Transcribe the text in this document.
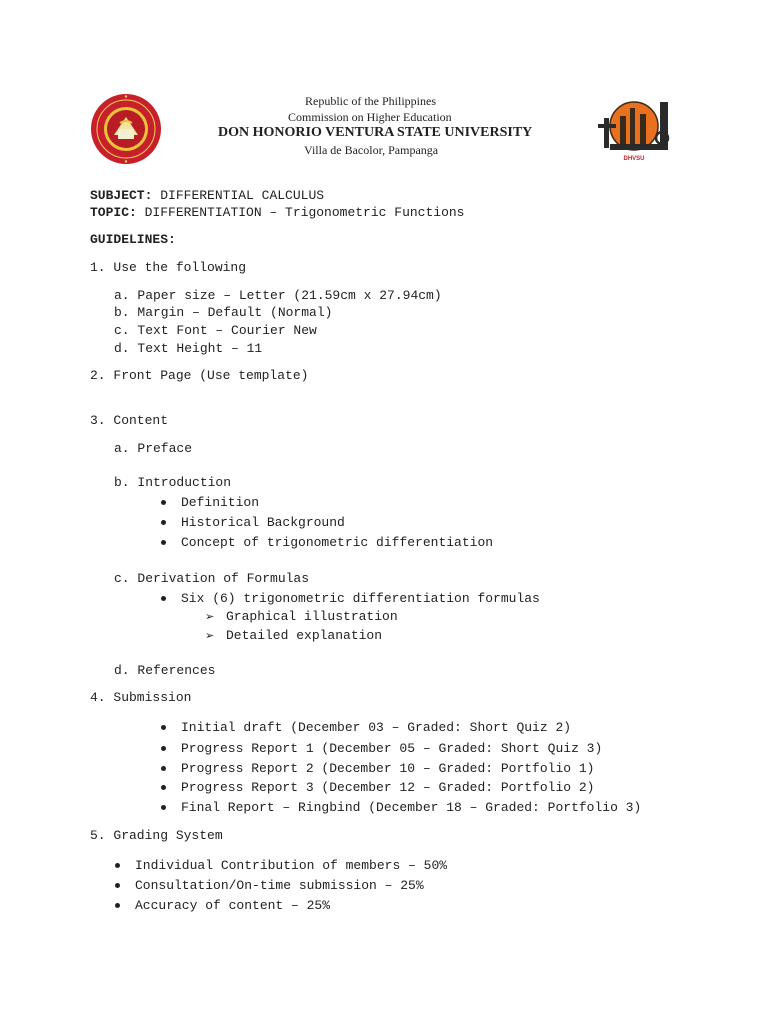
Republic of the Philippines
Commission on Higher Education
DON HONORIO VENTURA STATE UNIVERSITY
Villa de Bacolor, Pampanga
DHVSU
SUBJECT: DIFFERENTIAL CALCULUS
TOPIC: DIFFERENTIATION – Trigonometric Functions
GUIDELINES:
1. Use the following
a. Paper size – Letter (21.59cm x 27.94cm)
b. Margin – Default (Normal)
c. Text Font – Courier New
d. Text Height – 11
2. Front Page (Use template)
3. Content
a. Preface
b. Introduction
Definition
Historical Background
Concept of trigonometric differentiation
c. Derivation of Formulas
Six (6) trigonometric differentiation formulas
➢ Graphical illustration
➢ Detailed explanation
d. References
4. Submission
Initial draft (December 03 – Graded: Short Quiz 2)
Progress Report 1 (December 05 – Graded: Short Quiz 3)
Progress Report 2 (December 10 – Graded: Portfolio 1)
Progress Report 3 (December 12 – Graded: Portfolio 2)
Final Report – Ringbind (December 18 – Graded: Portfolio 3)
5. Grading System
Individual Contribution of members – 50%
Consultation/On-time submission – 25%
Accuracy of content – 25%
